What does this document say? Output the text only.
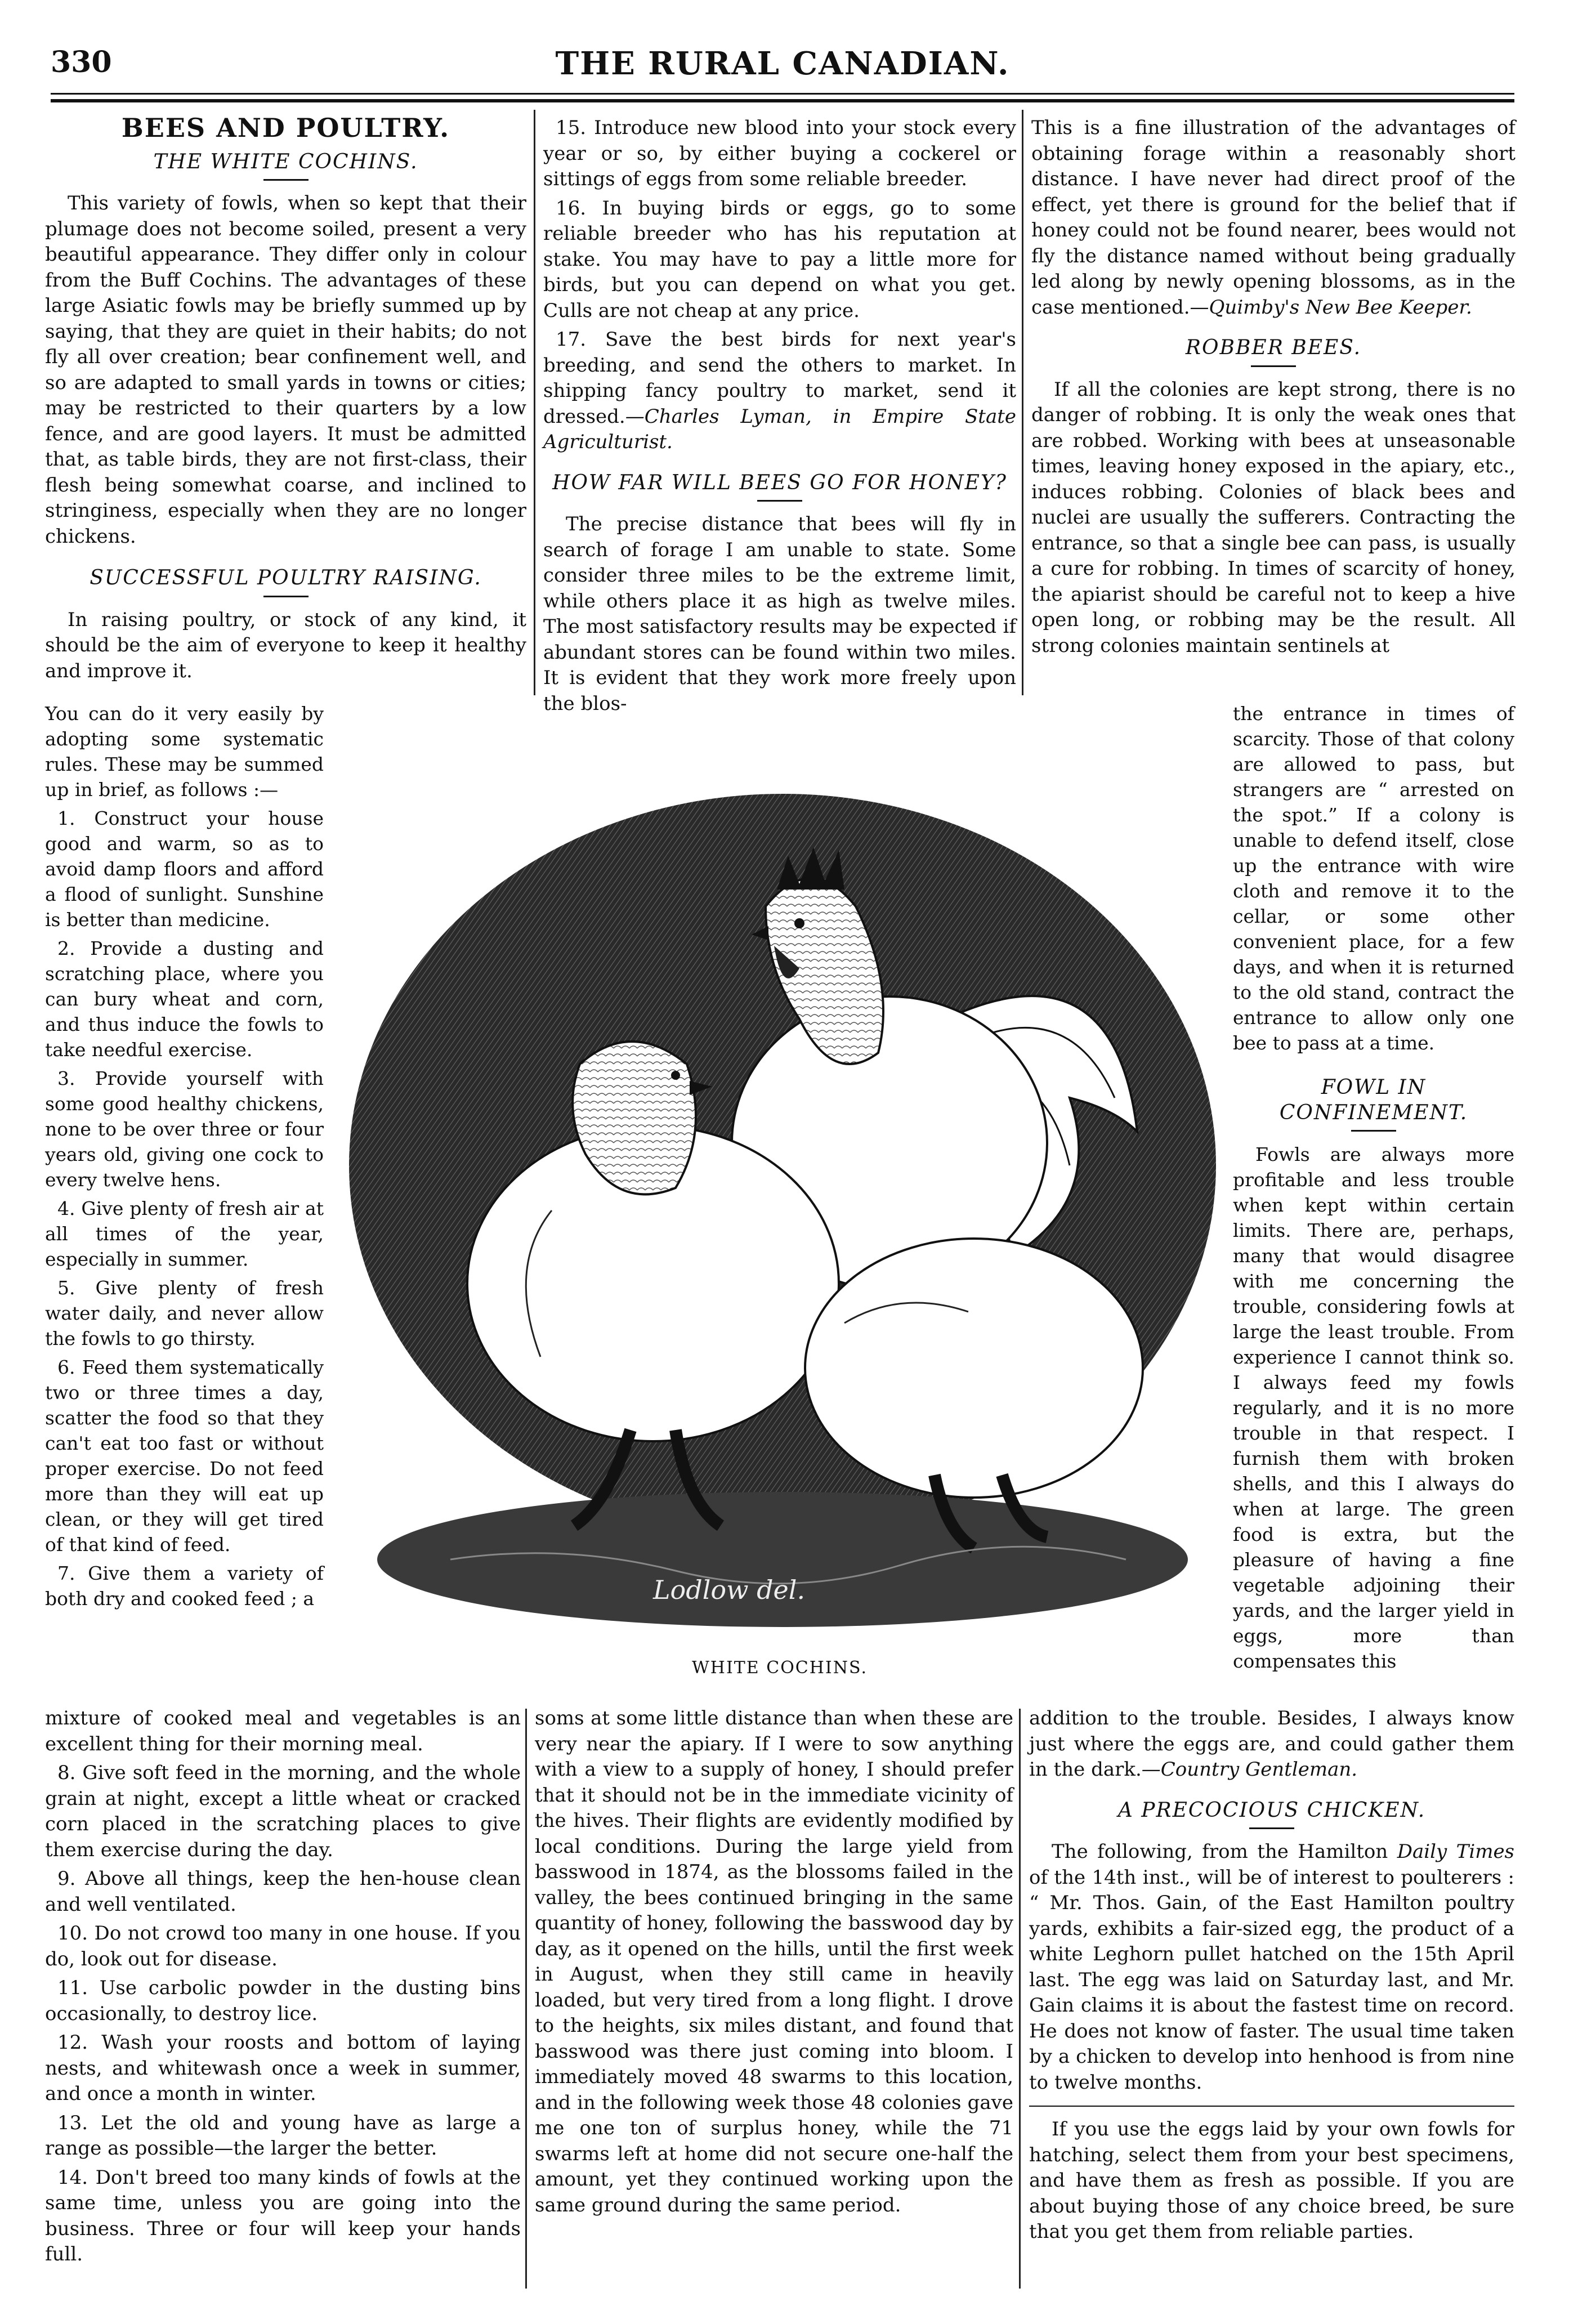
330	THE RURAL CANADIAN.
BEES AND POULTRY.
THE WHITE COCHINS.

This variety of fowls, when so kept that their plumage does not become soiled, present a very beautiful appearance. They differ only in colour from the Buff Cochins. The advantages of these large Asiatic fowls may be briefly summed up by saying, that they are quiet in their habits; do not fly all over creation; bear confinement well, and so are adapted to small yards in towns or cities; may be restricted to their quarters by a low fence, and are good layers. It must be admitted that, as table birds, they are not first-class, their flesh being somewhat coarse, and inclined to stringiness, especially when they are no longer chickens.

SUCCESSFUL POULTRY RAISING.

In raising poultry, or stock of any kind, it should be the aim of everyone to keep it healthy and improve it.

You can do it very easily by adopting some systematic rules. These may be summed up in brief, as follows :—

1. Construct your house good and warm, so as to avoid damp floors and afford a flood of sunlight. Sunshine is better than medicine.

2. Provide a dusting and scratching place, where you can bury wheat and corn, and thus induce the fowls to take needful exercise.

3. Provide yourself with some good healthy chickens, none to be over three or four years old, giving one cock to every twelve hens.

4. Give plenty of fresh air at all times of the year, especially in summer.

5. Give plenty of fresh water daily, and never allow the fowls to go thirsty.

6. Feed them systematically two or three times a day, scatter the food so that they can't eat too fast or without proper exercise. Do not feed more than they will eat up clean, or they will get tired of that kind of feed.

7. Give them a variety of both dry and cooked feed ; a

mixture of cooked meal and vegetables is an excellent thing for their morning meal.

8. Give soft feed in the morning, and the whole grain at night, except a little wheat or cracked corn placed in the scratching places to give them exercise during the day.

9. Above all things, keep the hen-house clean and well ventilated.

10. Do not crowd too many in one house. If you do, look out for disease.

11. Use carbolic powder in the dusting bins occasionally, to destroy lice.

12. Wash your roosts and bottom of laying nests, and whitewash once a week in summer, and once a month in winter.

13. Let the old and young have as large a range as possible—the larger the better.

14. Don't breed too many kinds of fowls at the same time, unless you are going into the business. Three or four will keep your hands full.

15. Introduce new blood into your stock every year or so, by either buying a cockerel or sittings of eggs from some reliable breeder.

16. In buying birds or eggs, go to some reliable breeder who has his reputation at stake. You may have to pay a little more for birds, but you can depend on what you get. Culls are not cheap at any price.

17. Save the best birds for next year's breeding, and send the others to market. In shipping fancy poultry to market, send it dressed.—Charles Lyman, in Empire State Agriculturist.

HOW FAR WILL BEES GO FOR HONEY?

The precise distance that bees will fly in search of forage I am unable to state. Some consider three miles to be the extreme limit, while others place it as high as twelve miles. The most satisfactory results may be expected if abundant stores can be found within two miles. It is evident that they work more freely upon the blos-

soms at some little distance than when these are very near the apiary. If I were to sow anything with a view to a supply of honey, I should prefer that it should not be in the immediate vicinity of the hives. Their flights are evidently modified by local conditions. During the large yield from basswood in 1874, as the blossoms failed in the valley, the bees continued bringing in the same quantity of honey, following the basswood day by day, as it opened on the hills, until the first week in August, when they still came in heavily loaded, but very tired from a long flight. I drove to the heights, six miles distant, and found that basswood was there just coming into bloom. I immediately moved 48 swarms to this location, and in the following week those 48 colonies gave me one ton of surplus honey, while the 71 swarms left at home did not secure one-half the amount, yet they continued working upon the same ground during the same period.

This is a fine illustration of the advantages of obtaining forage within a reasonably short distance. I have never had direct proof of the effect, yet there is ground for the belief that if honey could not be found nearer, bees would not fly the distance named without being gradually led along by newly opening blossoms, as in the case mentioned.—Quimby's New Bee Keeper.

ROBBER BEES.

If all the colonies are kept strong, there is no danger of robbing. It is only the weak ones that are robbed. Working with bees at unseasonable times, leaving honey exposed in the apiary, etc., induces robbing. Colonies of black bees and nuclei are usually the sufferers. Contracting the entrance, so that a single bee can pass, is usually a cure for robbing. In times of scarcity of honey, the apiarist should be careful not to keep a hive open long, or robbing may be the result. All strong colonies maintain sentinels at

the entrance in times of scarcity. Those of that colony are allowed to pass, but strangers are “ arrested on the spot.” If a colony is unable to defend itself, close up the entrance with wire cloth and remove it to the cellar, or some other convenient place, for a few days, and when it is returned to the old stand, contract the entrance to allow only one bee to pass at a time.

FOWL IN CONFINEMENT.

Fowls are always more profitable and less trouble when kept within certain limits. There are, perhaps, many that would disagree with me concerning the trouble, considering fowls at large the least trouble. From experience I cannot think so. I always feed my fowls regularly, and it is no more trouble in that respect. I furnish them with broken shells, and this I always do when at large. The green food is extra, but the pleasure of having a fine vegetable adjoining their yards, and the larger yield in eggs, more than compensates this

addition to the trouble. Besides, I always know just where the eggs are, and could gather them in the dark.—Country Gentleman.

A PRECOCIOUS CHICKEN.

The following, from the Hamilton Daily Times of the 14th inst., will be of interest to poulterers : “ Mr. Thos. Gain, of the East Hamilton poultry yards, exhibits a fair-sized egg, the product of a white Leghorn pullet hatched on the 15th April last. The egg was laid on Saturday last, and Mr. Gain claims it is about the fastest time on record. He does not know of faster. The usual time taken by a chicken to develop into henhood is from nine to twelve months.

If you use the eggs laid by your own fowls for hatching, select them from your best specimens, and have them as fresh as possible. If you are about buying those of any choice breed, be sure that you get them from reliable parties.

Lodlow del.
WHITE COCHINS.
